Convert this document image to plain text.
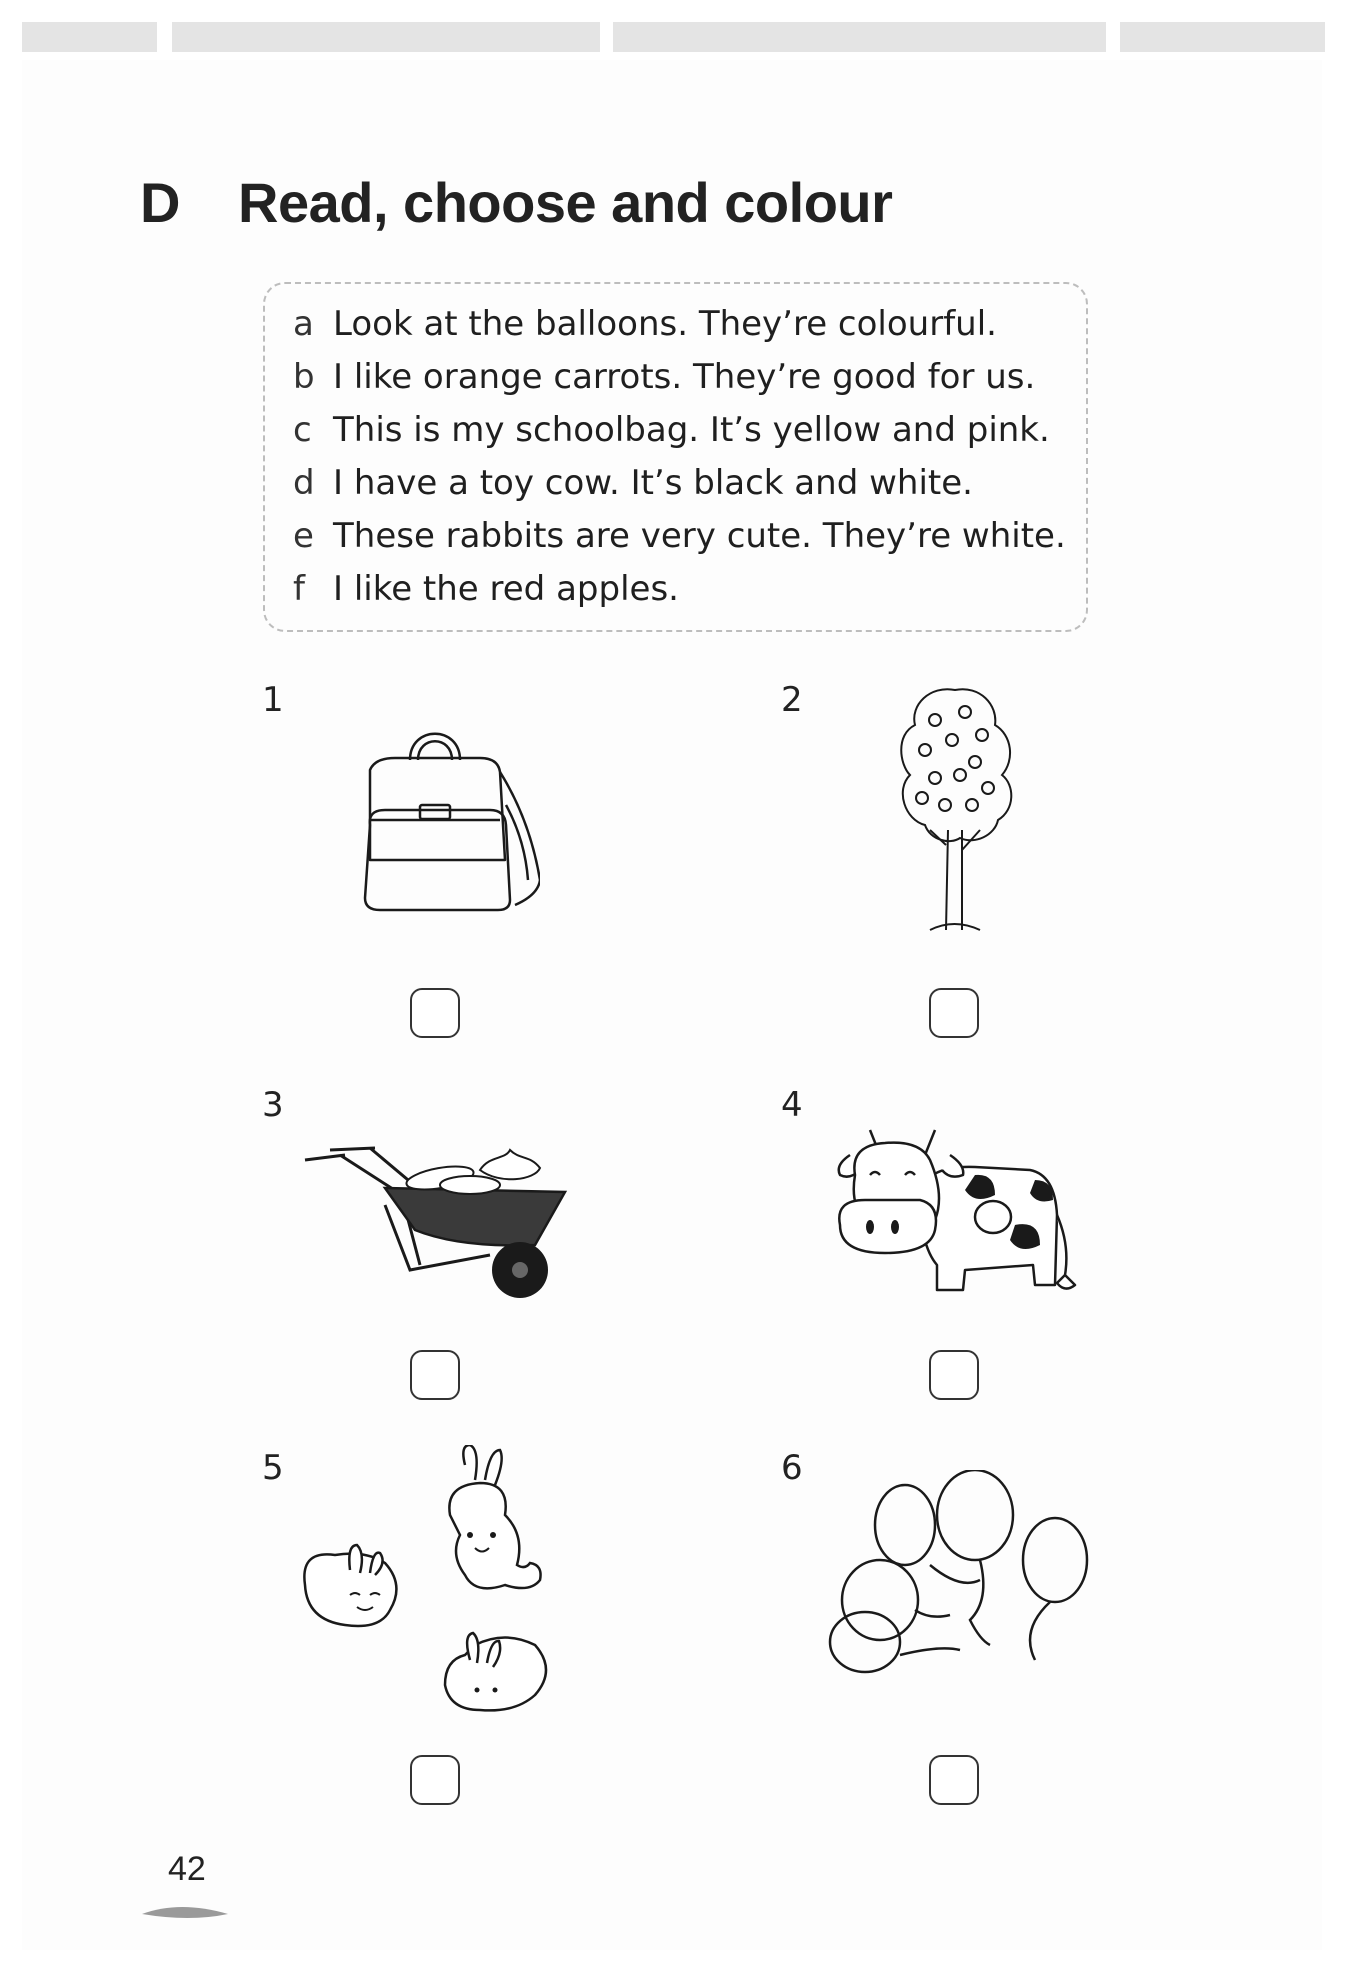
D Read, choose and colour
a Look at the balloons. They’re colourful.
b I like orange carrots. They’re good for us.
c This is my schoolbag. It’s yellow and pink.
d I have a toy cow. It’s black and white.
e These rabbits are very cute. They’re white.
f I like the red apples.
1	2
3	4
5	6
42
